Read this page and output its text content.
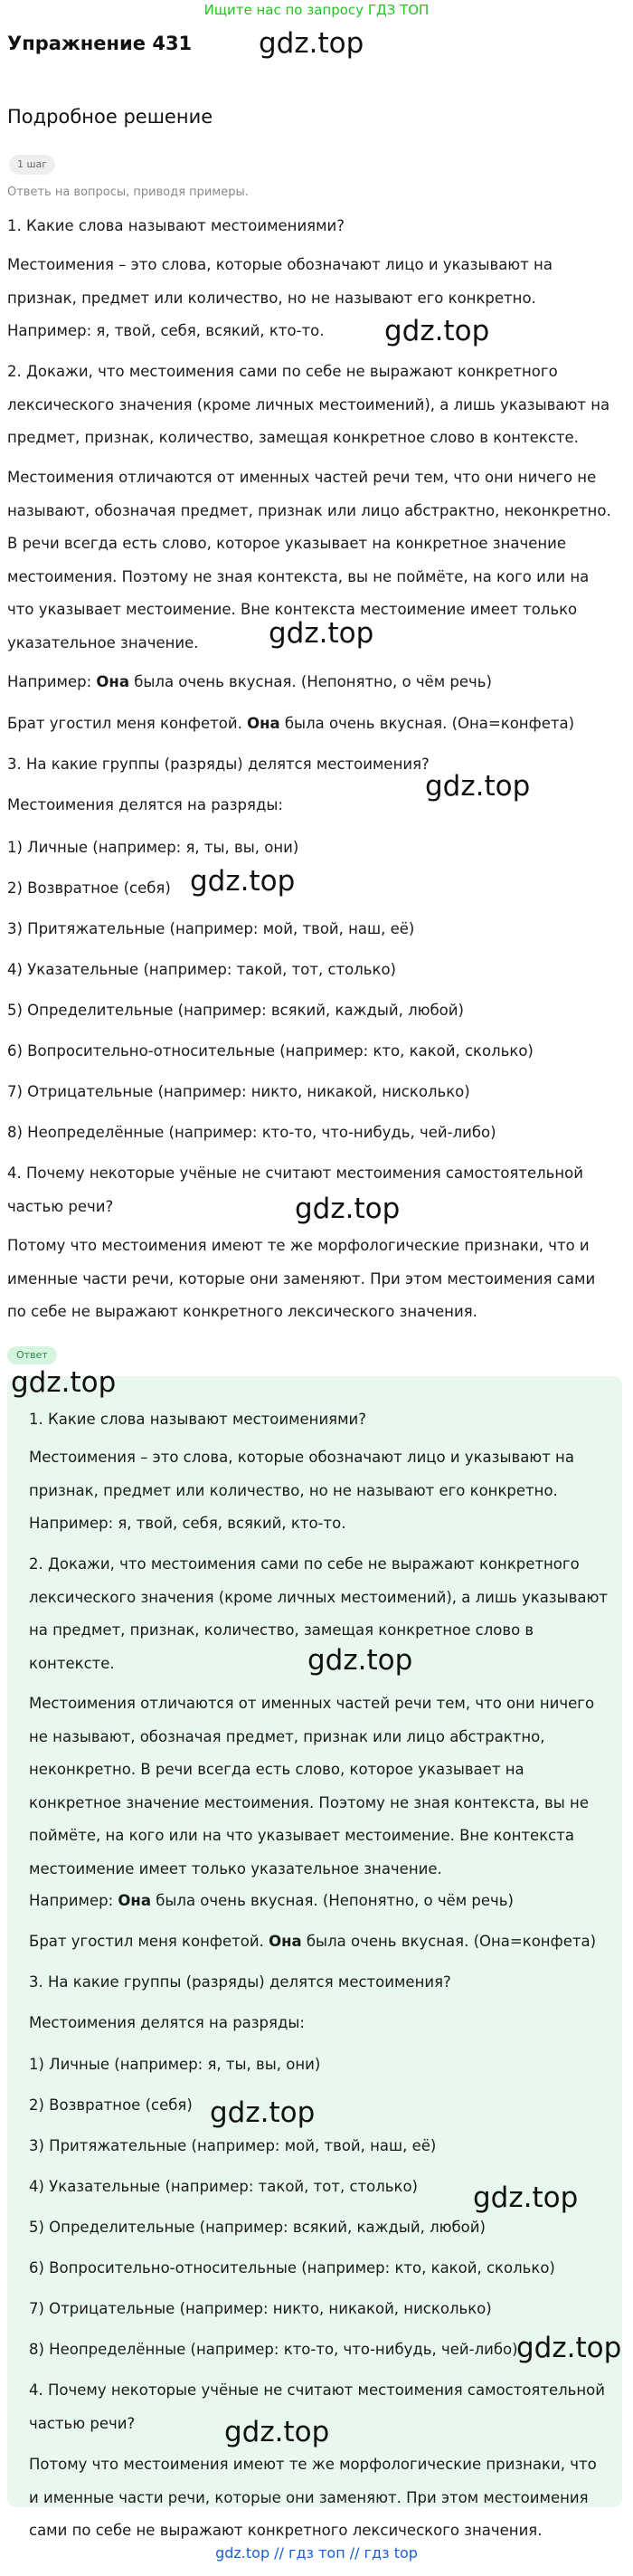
Ищите нас по запросу ГДЗ ТОП
Упражнение 431 gdz.top
Подробное решение
1 шаг
Ответь на вопросы, приводя примеры.
1. Какие слова называют местоимениями?
Местоимения – это слова, которые обозначают лицо и указывают на признак, предмет или количество, но не называют его конкретно. Например: я, твой, себя, всякий, кто-то.	gdz.top
2. Докажи, что местоимения сами по себе не выражают конкретного лексического значения (кроме личных местоимений), а лишь указывают на предмет, признак, количество, замещая конкретное слово в контексте.
Местоимения отличаются от именных частей речи тем, что они ничего не называют, обозначая предмет, признак или лицо абстрактно, неконкретно. В речи всегда есть слово, которое указывает на конкретное значение местоимения. Поэтому не зная контекста, вы не поймёте, на кого или на что указывает местоимение. Вне контекста местоимение имеет только указательное значение.	gdz.top
Например: Она была очень вкусная. (Непонятно, о чём речь)
Брат угостил меня конфетой. Она была очень вкусная. (Она=конфета)
3. На какие группы (разряды) делятся местоимения?
gdz.top
Местоимения делятся на разряды:
1) Личные (например: я, ты, вы, они)
2) Возвратное (себя) gdz.top
3) Притяжательные (например: мой, твой, наш, её)
4) Указательные (например: такой, тот, столько)
5) Определительные (например: всякий, каждый, любой)
6) Вопросительно-относительные (например: кто, какой, сколько)
7) Отрицательные (например: никто, никакой, нисколько)
8) Неопределённые (например: кто-то, что-нибудь, чей-либо)
4. Почему некоторые учёные не считают местоимения самостоятельной частью речи?	gdz.top
Потому что местоимения имеют те же морфологические признаки, что и именные части речи, которые они заменяют. При этом местоимения сами по себе не выражают конкретного лексического значения.
Ответ
gdz.top
1. Какие слова называют местоимениями?
Местоимения – это слова, которые обозначают лицо и указывают на признак, предмет или количество, но не называют его конкретно. Например: я, твой, себя, всякий, кто-то.
2. Докажи, что местоимения сами по себе не выражают конкретного лексического значения (кроме личных местоимений), а лишь указывают на предмет, признак, количество, замещая конкретное слово в контексте.	gdz.top
Местоимения отличаются от именных частей речи тем, что они ничего не называют, обозначая предмет, признак или лицо абстрактно, неконкретно. В речи всегда есть слово, которое указывает на конкретное значение местоимения. Поэтому не зная контекста, вы не поймёте, на кого или на что указывает местоимение. Вне контекста местоимение имеет только указательное значение.
Например: Она была очень вкусная. (Непонятно, о чём речь)
Брат угостил меня конфетой. Она была очень вкусная. (Она=конфета)
3. На какие группы (разряды) делятся местоимения?
Местоимения делятся на разряды:
1) Личные (например: я, ты, вы, они)
2) Возвратное (себя) gdz.top
3) Притяжательные (например: мой, твой, наш, её)
4) Указательные (например: такой, тот, столько)	gdz.top
5) Определительные (например: всякий, каждый, любой)
6) Вопросительно-относительные (например: кто, какой, сколько)
7) Отрицательные (например: никто, никакой, нисколько)
8) Неопределённые (например: кто-то, что-нибудь, чей-либо)
gdz.top
4. Почему некоторые учёные не считают местоимения самостоятельной частью речи?	gdz.top
Потому что местоимения имеют те же морфологические признаки, что и именные части речи, которые они заменяют. При этом местоимения сами по себе не выражают конкретного лексического значения.
gdz.top // гдз топ // гдз top
